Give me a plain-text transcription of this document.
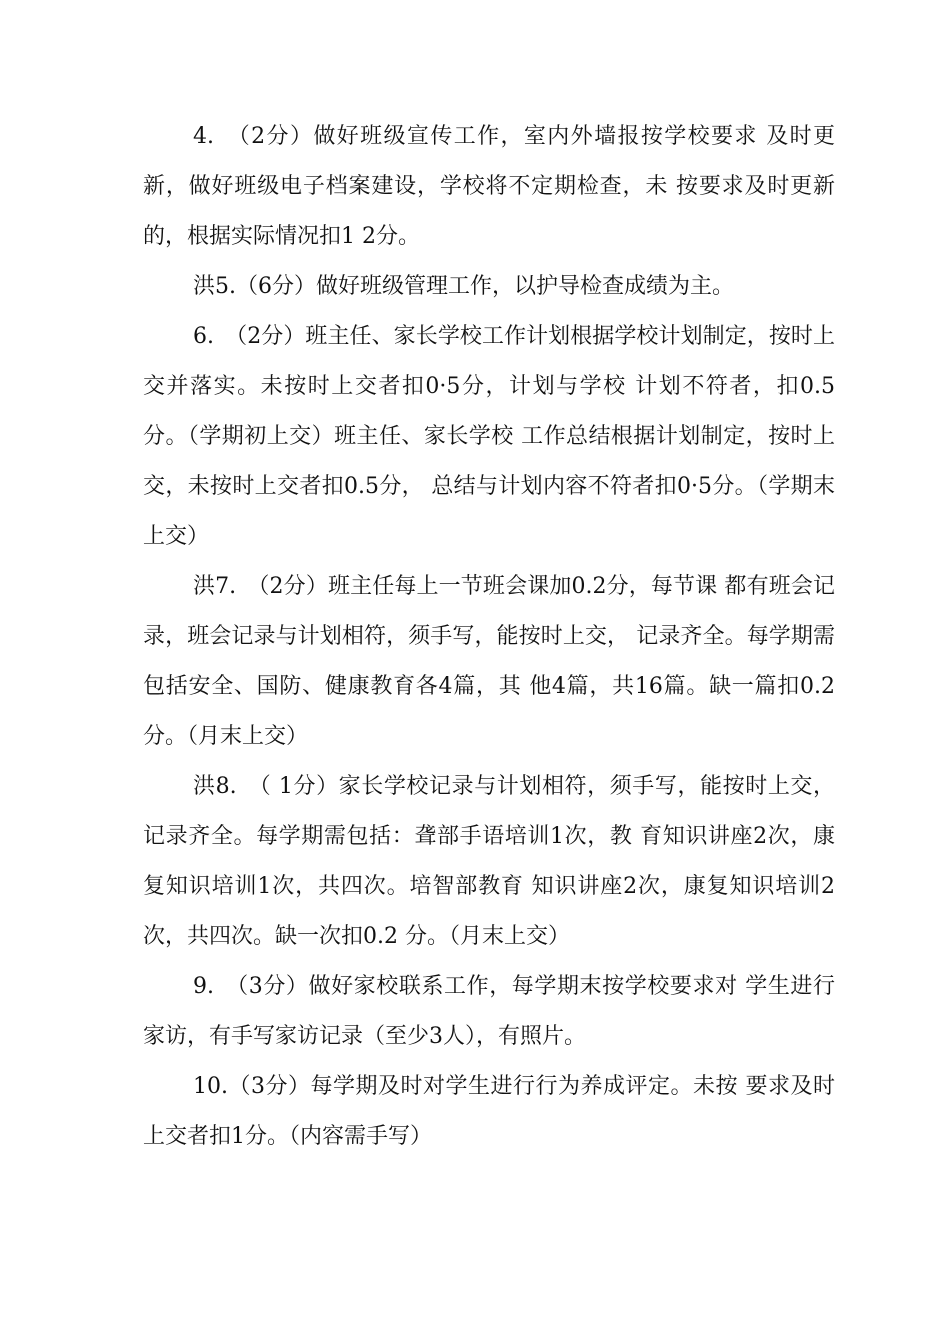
4.　（2分）做好班级宣传工作，室内外墙报按学校要求 及时更新，做好班级电子档案建设，学校将不定期检查，未 按要求及时更新的，根据实际情况扣1 2分。

洪5.（6分）做好班级管理工作，以护导检查成绩为主。

6.　（2分）班主任、家长学校工作计划根据学校计划制定，按时上交并落实。未按时上交者扣0·5分，计划与学校 计划不符者，扣0.5分。（学期初上交）班主任、家长学校 工作总结根据计划制定，按时上交，未按时上交者扣0.5分， 总结与计划内容不符者扣0·5分。（学期末上交）

洪7.　（2分）班主任每上一节班会课加0.2分，每节课 都有班会记录，班会记录与计划相符，须手写，能按时上交， 记录齐全。每学期需包括安全、国防、健康教育各4篇，其 他4篇，共16篇。缺一篇扣0.2分。（月末上交）

洪8.　（ 1分）家长学校记录与计划相符，须手写，能按时上交，记录齐全。每学期需包括：聋部手语培训1次，教 育知识讲座2次，康复知识培训1次，共四次。培智部教育 知识讲座2次，康复知识培训2次，共四次。缺一次扣0.2 分。（月末上交）

9.　（3分）做好家校联系工作，每学期末按学校要求对 学生进行家访，有手写家访记录（至少3人），有照片。

10.（3分）每学期及时对学生进行行为养成评定。未按 要求及时上交者扣1分。（内容需手写）
